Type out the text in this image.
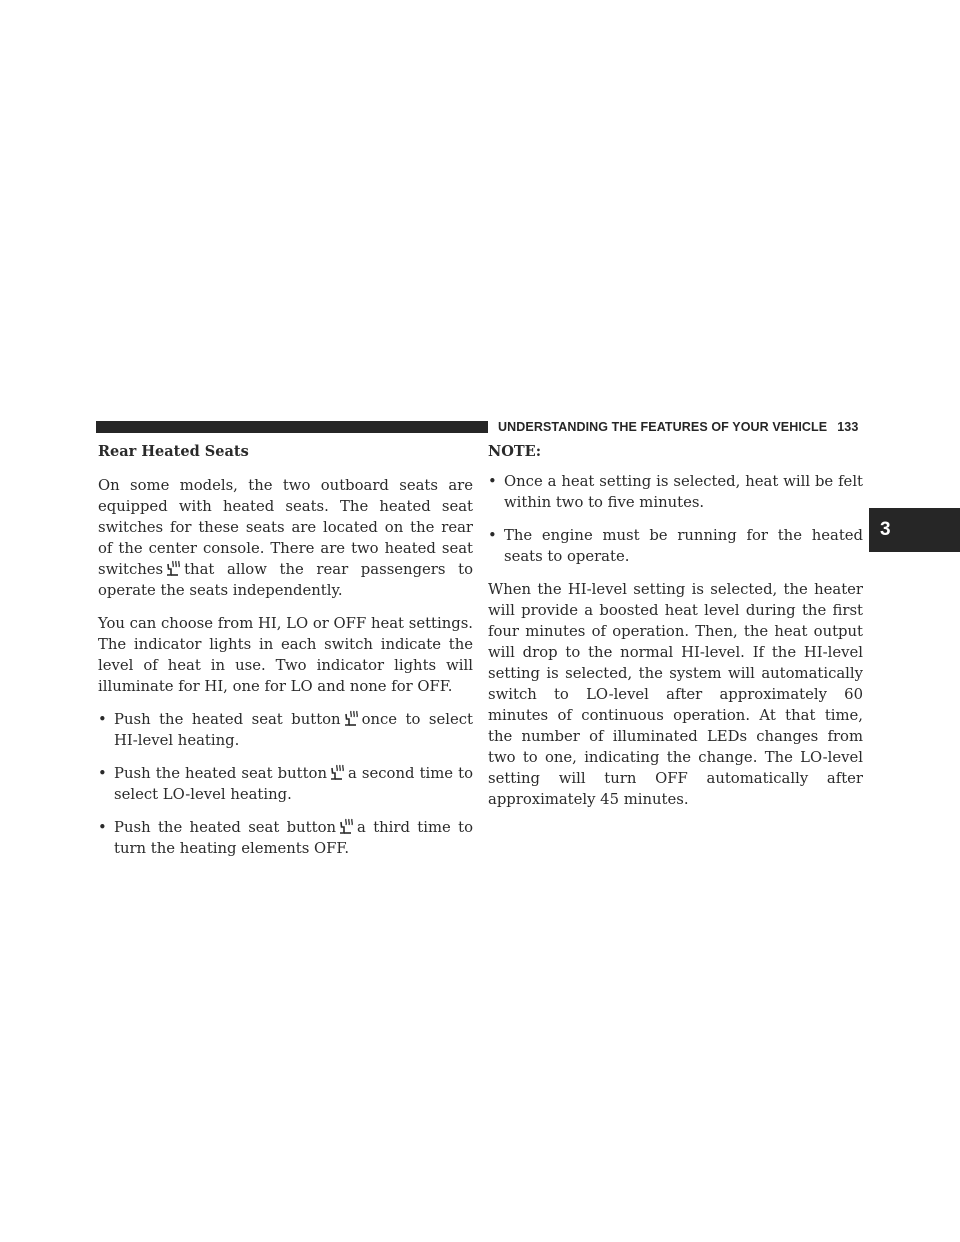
UNDERSTANDING THE FEATURES OF YOUR VEHICLE 133
3
Rear Heated Seats

On some models, the two outboard seats are equipped with heated seats. The heated seat switches for these seats are located on the rear of the center console. There are two heated seat switches that allow the rear passengers to operate the seats independently.

You can choose from HI, LO or OFF heat settings. The indicator lights in each switch indicate the level of heat in use. Two indicator lights will illuminate for HI, one for LO and none for OFF.

• Push the heated seat button once to select HI-level heating.
• Push the heated seat button a second time to select LO-level heating.
• Push the heated seat button a third time to turn the heating elements OFF.
NOTE:
• Once a heat setting is selected, heat will be felt within two to five minutes.
• The engine must be running for the heated seats to operate.

When the HI-level setting is selected, the heater will provide a boosted heat level during the first four minutes of operation. Then, the heat output will drop to the normal HI-level. If the HI-level setting is selected, the system will automatically switch to LO-level after approximately 60 minutes of continuous operation. At that time, the number of illuminated LEDs changes from two to one, indicating the change. The LO-level setting will turn OFF automatically after approximately 45 minutes.
